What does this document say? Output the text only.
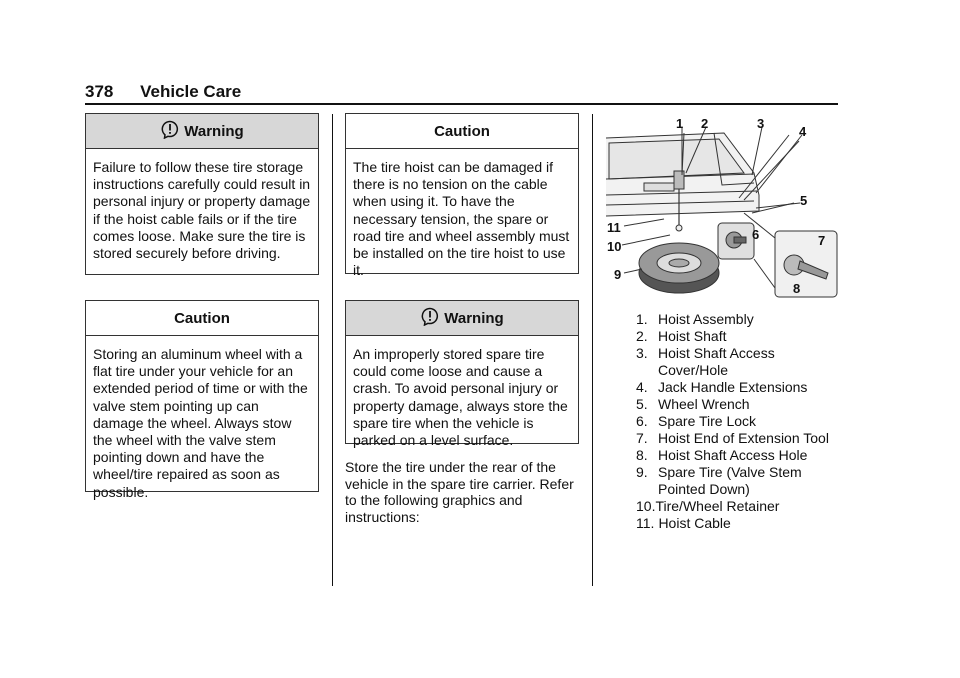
378 Vehicle Care
Warning
Failure to follow these tire storage instructions carefully could result in personal injury or property damage if the hoist cable fails or if the tire comes loose. Make sure the tire is stored securely before driving.
Caution
Storing an aluminum wheel with a flat tire under your vehicle for an extended period of time or with the valve stem pointing up can damage the wheel. Always stow the wheel with the valve stem pointing down and have the wheel/tire repaired as soon as possible.
Caution
The tire hoist can be damaged if there is no tension on the cable when using it. To have the necessary tension, the spare or road tire and wheel assembly must be installed on the tire hoist to use it.
Warning
An improperly stored spare tire could come loose and cause a crash. To avoid personal injury or property damage, always store the spare tire when the vehicle is parked on a level surface.
Store the tire under the rear of the vehicle in the spare tire carrier. Refer to the following graphics and instructions:
1 2	3
4
5
6	7
8
9
10
11
1. Hoist Assembly
2. Hoist Shaft
3. Hoist Shaft Access Cover/Hole
4. Jack Handle Extensions
5. Wheel Wrench
6. Spare Tire Lock
7. Hoist End of Extension Tool
8. Hoist Shaft Access Hole
9. Spare Tire (Valve Stem Pointed Down)
10. Tire/Wheel Retainer
11. Hoist Cable
